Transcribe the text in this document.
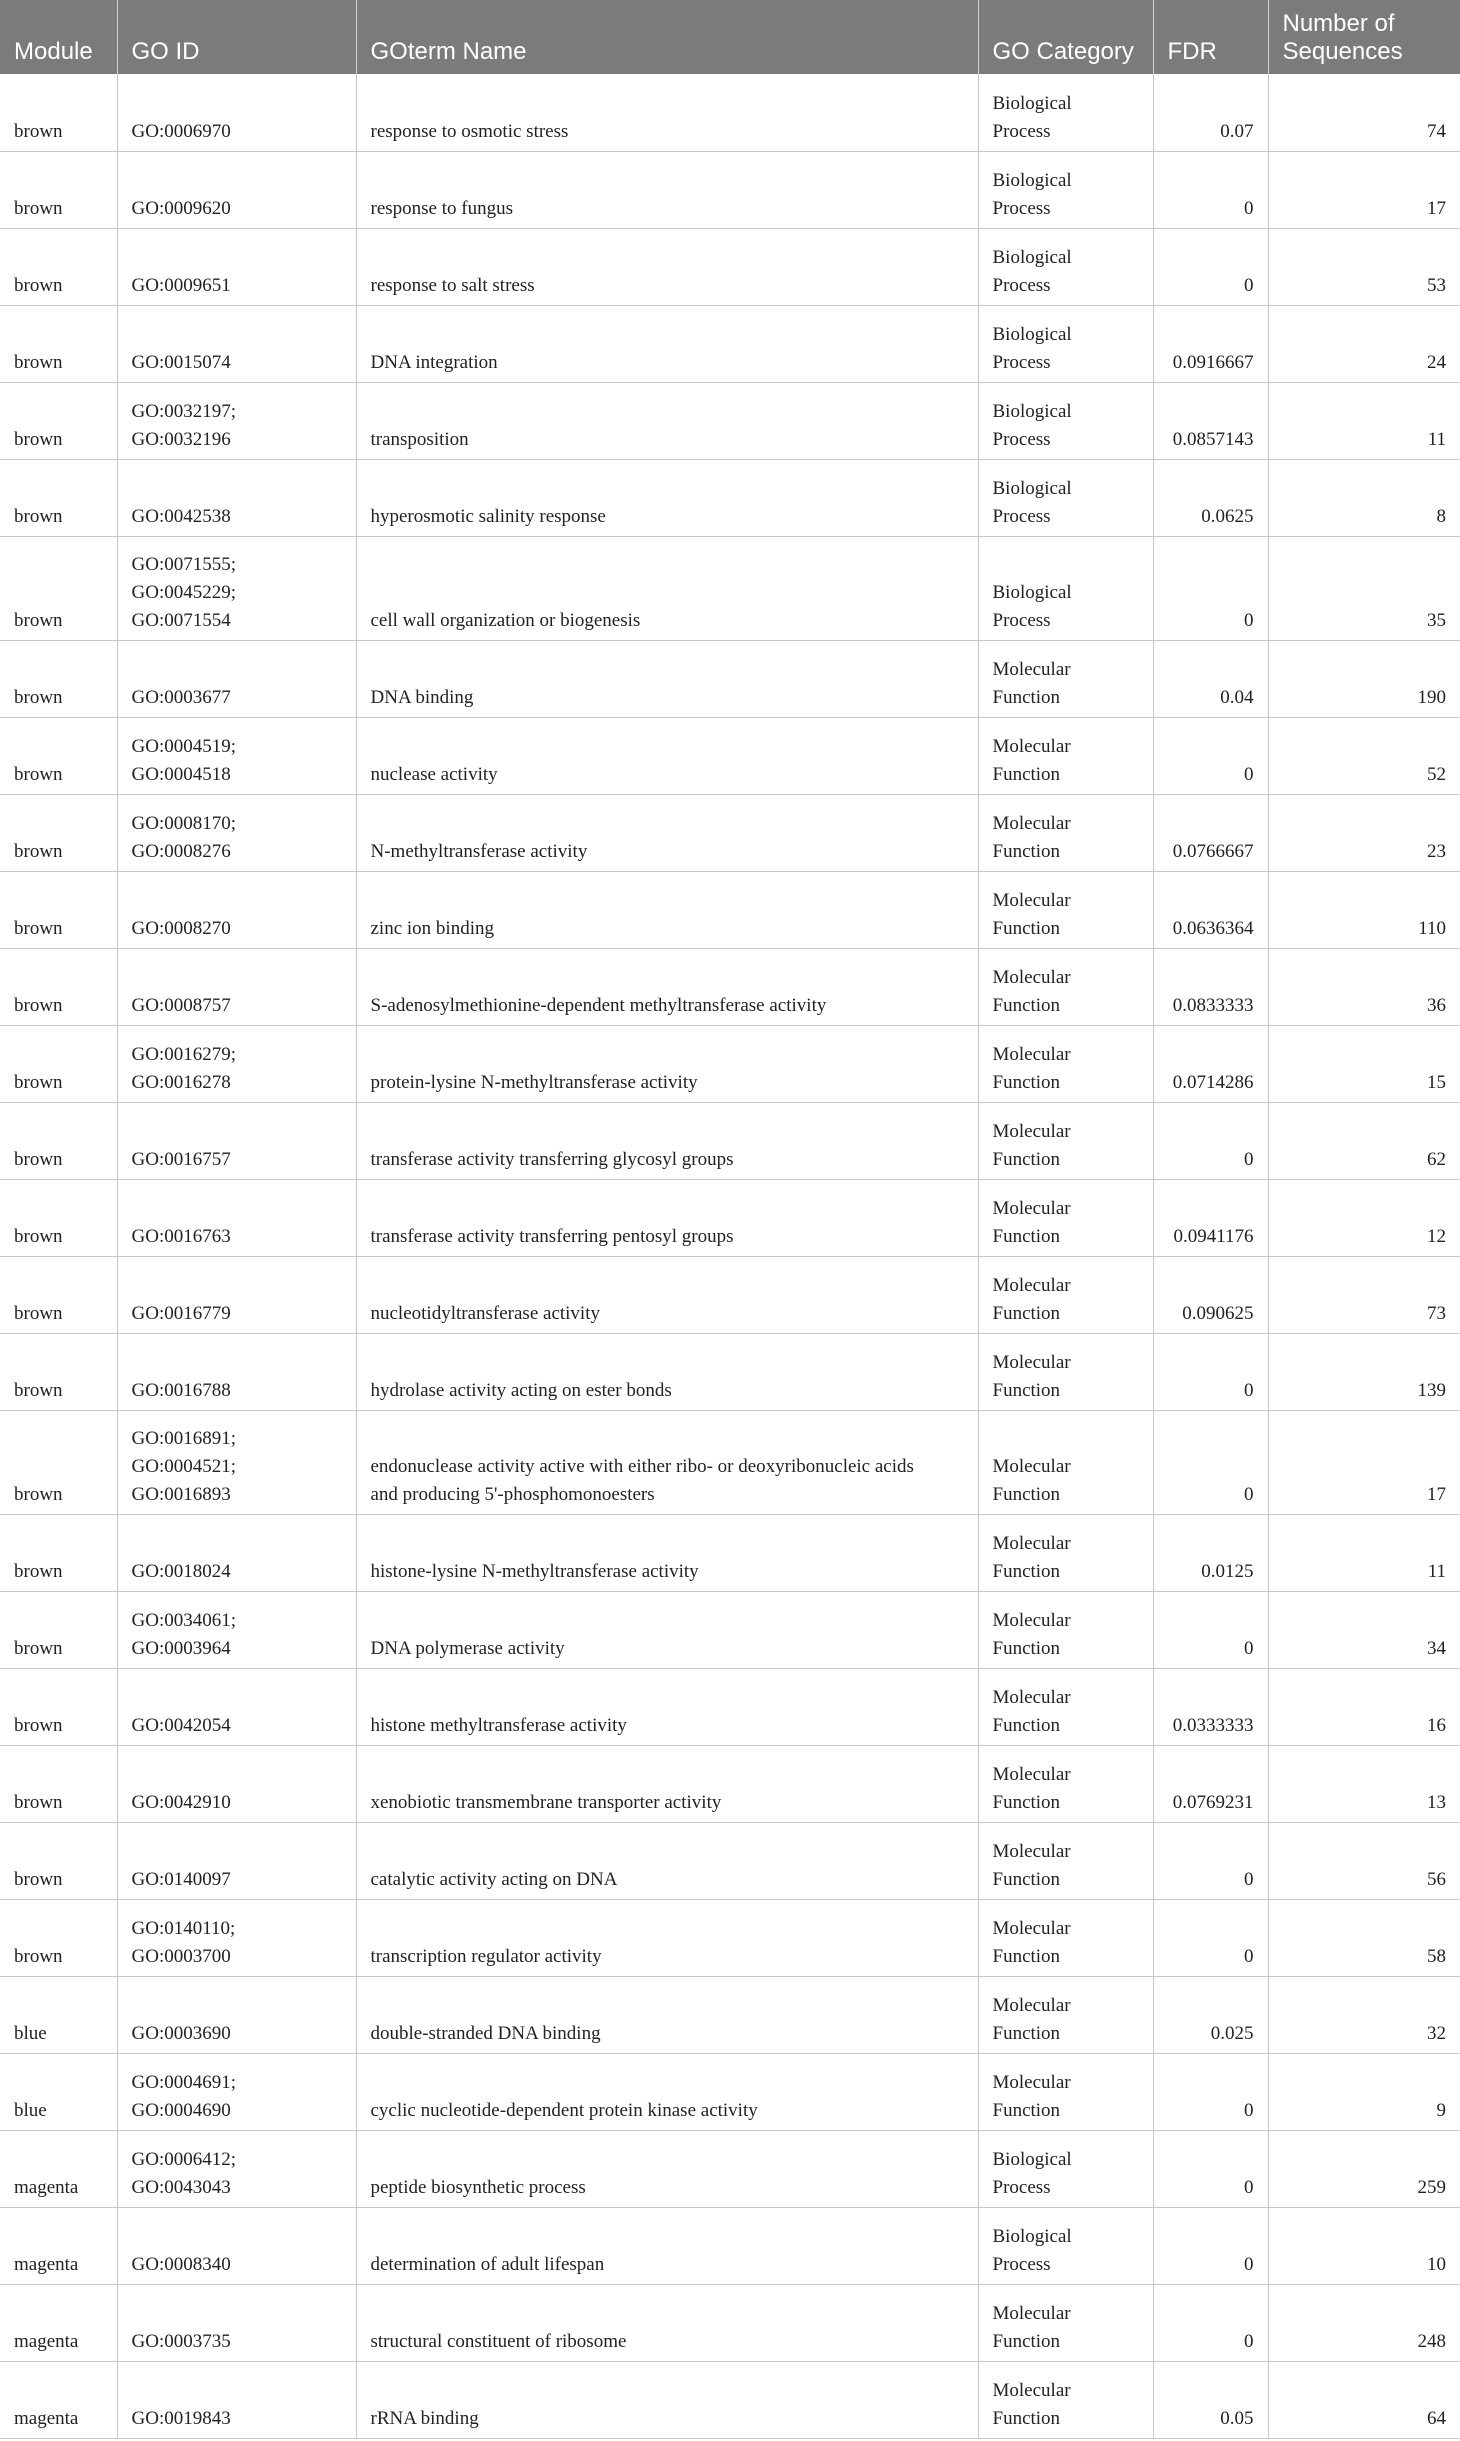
Module	GO ID	GOterm Name	GO Category	FDR	Number of
Sequences

brown	GO:0006970	response to osmotic stress	Biological
Process	0.07	74
brown	GO:0009620	response to fungus	Biological
Process	0	17
brown	GO:0009651	response to salt stress	Biological
Process	0	53
brown	GO:0015074	DNA integration	Biological
Process	0.0916667	24
brown	GO:0032197;
GO:0032196	transposition	Biological
Process	0.0857143	11
brown	GO:0042538	hyperosmotic salinity response	Biological
Process	0.0625	8
brown	GO:0071555;
GO:0045229;
GO:0071554	cell wall organization or biogenesis	Biological
Process	0	35
brown	GO:0003677	DNA binding	Molecular
Function	0.04	190
brown	GO:0004519;
GO:0004518	nuclease activity	Molecular
Function	0	52
brown	GO:0008170;
GO:0008276	N-methyltransferase activity	Molecular
Function	0.0766667	23
brown	GO:0008270	zinc ion binding	Molecular
Function	0.0636364	110
brown	GO:0008757	S-adenosylmethionine-dependent methyltransferase activity	Molecular
Function	0.0833333	36
brown	GO:0016279;
GO:0016278	protein-lysine N-methyltransferase activity	Molecular
Function	0.0714286	15
brown	GO:0016757	transferase activity transferring glycosyl groups	Molecular
Function	0	62
brown	GO:0016763	transferase activity transferring pentosyl groups	Molecular
Function	0.0941176	12
brown	GO:0016779	nucleotidyltransferase activity	Molecular
Function	0.090625	73
brown	GO:0016788	hydrolase activity acting on ester bonds	Molecular
Function	0	139
brown	GO:0016891;
GO:0004521;
GO:0016893	endonuclease activity active with either ribo- or deoxyribonucleic acids
and producing 5'-phosphomonoesters	Molecular
Function	0	17
brown	GO:0018024	histone-lysine N-methyltransferase activity	Molecular
Function	0.0125	11
brown	GO:0034061;
GO:0003964	DNA polymerase activity	Molecular
Function	0	34
brown	GO:0042054	histone methyltransferase activity	Molecular
Function	0.0333333	16
brown	GO:0042910	xenobiotic transmembrane transporter activity	Molecular
Function	0.0769231	13
brown	GO:0140097	catalytic activity acting on DNA	Molecular
Function	0	56
brown	GO:0140110;
GO:0003700	transcription regulator activity	Molecular
Function	0	58
blue	GO:0003690	double-stranded DNA binding	Molecular
Function	0.025	32
blue	GO:0004691;
GO:0004690	cyclic nucleotide-dependent protein kinase activity	Molecular
Function	0	9
magenta	GO:0006412;
GO:0043043	peptide biosynthetic process	Biological
Process	0	259
magenta	GO:0008340	determination of adult lifespan	Biological
Process	0	10
magenta	GO:0003735	structural constituent of ribosome	Molecular
Function	0	248
magenta	GO:0019843	rRNA binding	Molecular
Function	0.05	64
